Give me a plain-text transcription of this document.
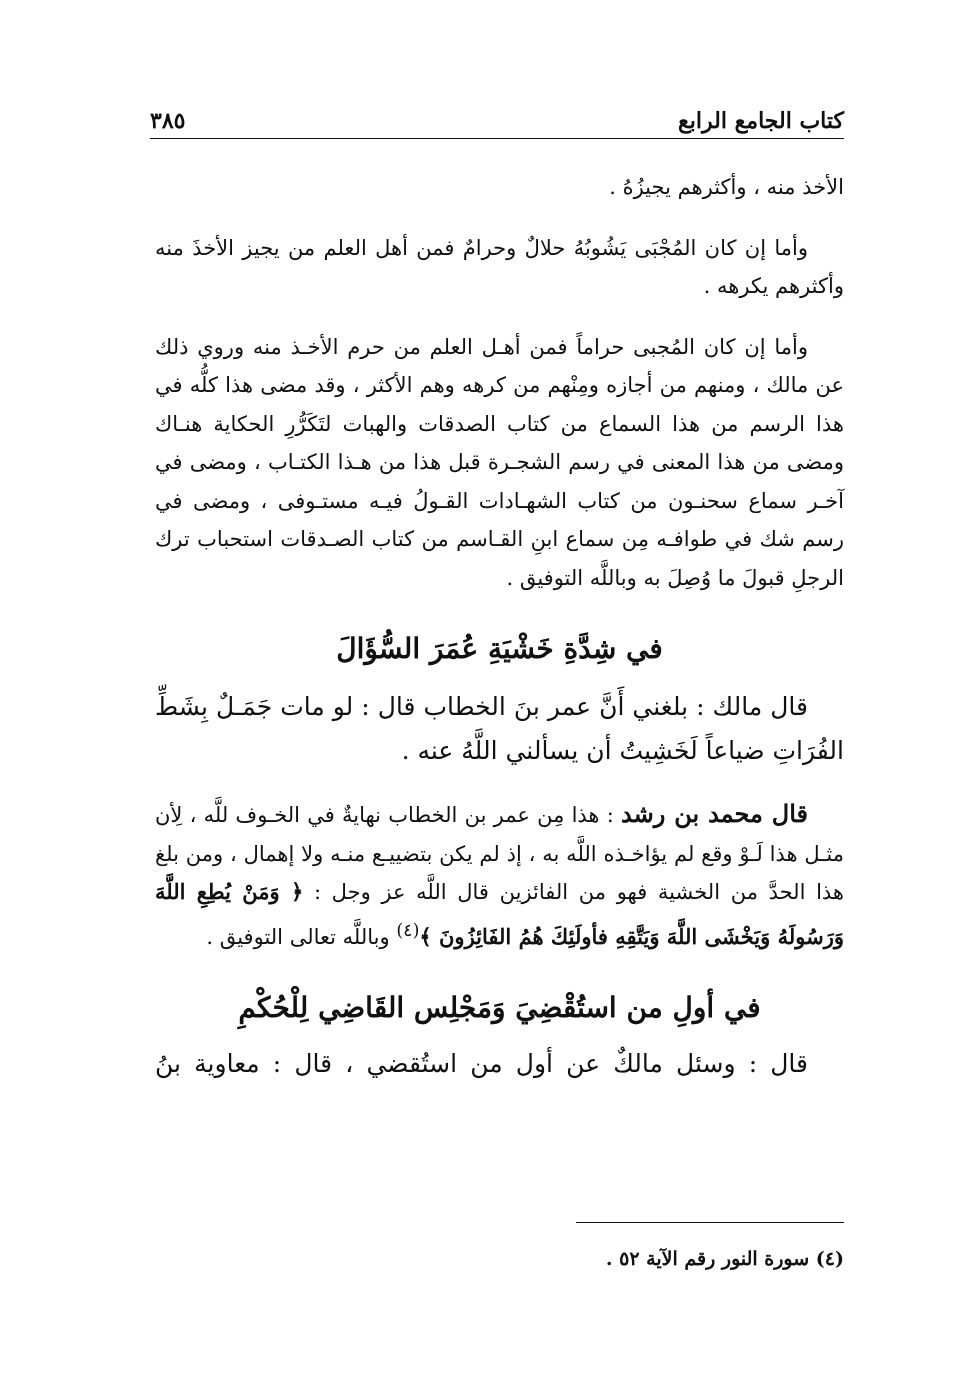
كتاب الجامع الرابع
٣٨٥

الأخذ منه ، وأكثرهم يجيزُهُ .

وأما إن كان المُجْبَى يَشُوبُهُ حلالٌ وحرامٌ فمن أهل العلم من يجيز الأخذَ منه وأكثرهم يكرهه .

وأما إن كان المُجبى حراماً فمن أهـل العلم من حرم الأخـذ منه وروي ذلك عن مالك ، ومنهم من أجازه ومِنْهم من كرهه وهم الأكثر ، وقد مضى هذا كلُّه في هذا الرسم من هذا السماع من كتاب الصدقات والهبات لتَكَرُّرِ الحكاية هنـاك ومضى من هذا المعنى في رسم الشجـرة قبل هذا من هـذا الكتـاب ، ومضى في آخـر سماع سحنـون من كتاب الشهـادات القـولُ فيـه مستـوفى ، ومضى في رسم شك في طوافـه مِن سماع ابنِ القـاسم من كتاب الصـدقات استحباب ترك الرجلِ قبولَ ما وُصِلَ به وباللَّه التوفيق .

في شِدَّةِ خَشْيَةِ عُمَرَ السُّؤَالَ

قال مالك : بلغني أَنَّ عمر بنَ الخطاب قال : لو مات جَمَـلٌ بِشَطِّ الفُرَاتِ ضياعاً لَخَشِيتُ أن يسألني اللَّهُ عنه .

قال محمد بن رشد : هذا مِن عمر بن الخطاب نهايةٌ في الخـوف للَّه ، لِأن مثـل هذا لَـوْ وقع لم يؤاخـذه اللَّه به ، إذ لم يكن بتضييـع منـه ولا إهمال ، ومن بلغ هذا الحدَّ من الخشية فهو من الفائزين قال اللَّه عز وجل : ﴿ وَمَنْ يُطِعِ اللَّهَ وَرَسُولَهُ وَيَخْشَى اللَّهَ وَيَتَّقِهِ فأولَئِكَ هُمُ الفَائِزُونَ ﴾$^{(٤)}$ وباللَّه تعالى التوفيق .

في أولِ من استُقْضِيَ وَمَجْلِس القَاضِي لِلْحُكْمِ

قال : وسئل مالكٌ عن أول من استُقضي ، قال : معاوية بنُ

(٤) سورة النور رقم الآية ٥٢ .
